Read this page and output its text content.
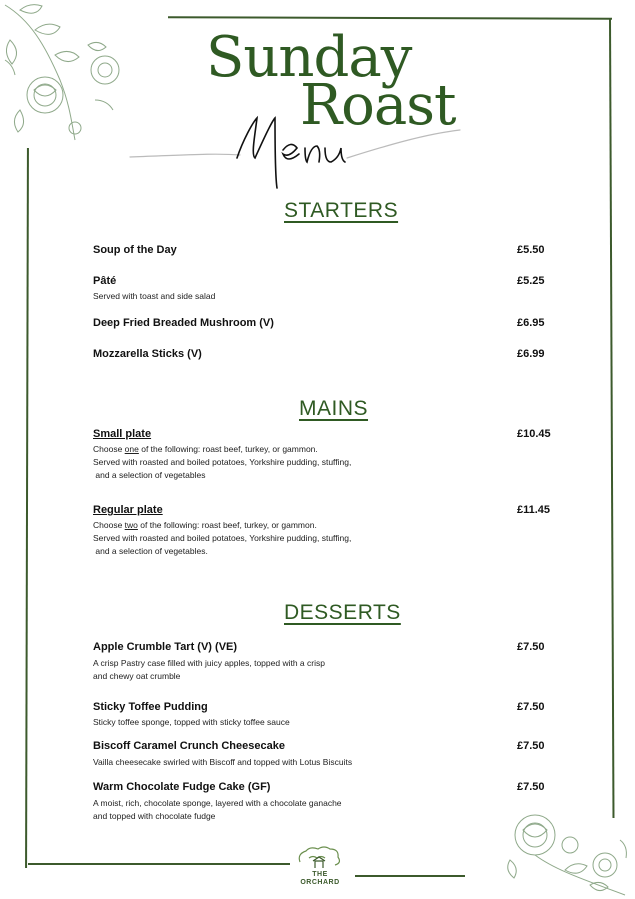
Sunday
Roast
STARTERS
Soup of the Day	£5.50
Pâté	£5.25
Served with toast and side salad
Deep Fried Breaded Mushroom (V)	£6.95
Mozzarella Sticks (V)	£6.99
MAINS
Small plate	£10.45
Choose one of the following: roast beef, turkey, or gammon.
Served with roasted and boiled potatoes, Yorkshire pudding, stuffing,
and a selection of vegetables
Regular plate	£11.45
Choose two of the following: roast beef, turkey, or gammon.
Served with roasted and boiled potatoes, Yorkshire pudding, stuffing,
and a selection of vegetables.
DESSERTS
Apple Crumble Tart (V) (VE)	£7.50
A crisp Pastry case filled with juicy apples, topped with a crisp
and chewy oat crumble
Sticky Toffee Pudding	£7.50
Sticky toffee sponge, topped with sticky toffee sauce
Biscoff Caramel Crunch Cheesecake	£7.50
Vailla cheesecake swirled with Biscoff and topped with Lotus Biscuits
Warm Chocolate Fudge Cake (GF)	£7.50
A moist, rich, chocolate sponge, layered with a chocolate ganache
and topped with chocolate fudge
THE
ORCHARD
